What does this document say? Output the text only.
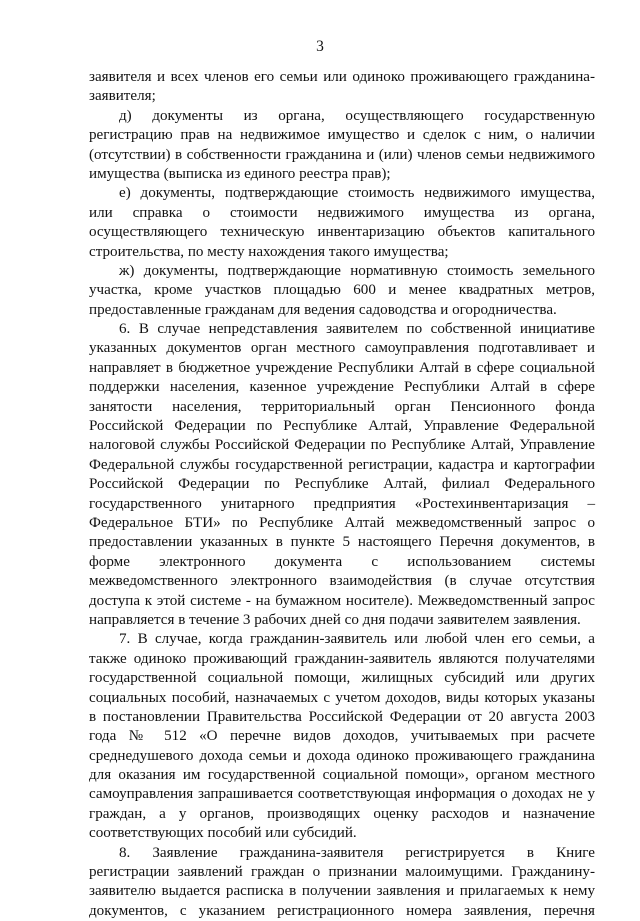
3
заявителя и всех членов его семьи или одиноко проживающего гражданина-
заявителя;
д) документы из органа, осуществляющего государственную
регистрацию прав на недвижимое имущество и сделок с ним, о наличии
(отсутствии) в собственности гражданина и (или) членов семьи недвижимого
имущества (выписка из единого реестра прав);
е) документы, подтверждающие стоимость недвижимого имущества,
или справка о стоимости недвижимого имущества из органа,
осуществляющего техническую инвентаризацию объектов капитального
строительства, по месту нахождения такого имущества;
ж) документы, подтверждающие нормативную стоимость земельного
участка, кроме участков площадью 600 и менее квадратных метров,
предоставленные гражданам для ведения садоводства и огородничества.
6. В случае непредставления заявителем по собственной инициативе
указанных документов орган местного самоуправления подготавливает и
направляет в бюджетное учреждение Республики Алтай в сфере социальной
поддержки населения, казенное учреждение Республики Алтай в сфере
занятости населения, территориальный орган Пенсионного фонда
Российской Федерации по Республике Алтай, Управление Федеральной
налоговой службы Российской Федерации по Республике Алтай, Управление
Федеральной службы государственной регистрации, кадастра и картографии
Российской Федерации по Республике Алтай, филиал Федерального
государственного унитарного предприятия «Ростехинвентаризация –
Федеральное БТИ» по Республике Алтай межведомственный запрос о
предоставлении указанных в пункте 5 настоящего Перечня документов, в
форме электронного документа с использованием системы
межведомственного электронного взаимодействия (в случае отсутствия
доступа к этой системе - на бумажном носителе). Межведомственный запрос
направляется в течение 3 рабочих дней со дня подачи заявителем заявления.
7. В случае, когда гражданин-заявитель или любой член его семьи, а
также одиноко проживающий гражданин-заявитель являются получателями
государственной социальной помощи, жилищных субсидий или других
социальных пособий, назначаемых с учетом доходов, виды которых указаны
в постановлении Правительства Российской Федерации от 20 августа 2003
года № 512 «О перечне видов доходов, учитываемых при расчете
среднедушевого дохода семьи и дохода одиноко проживающего гражданина
для оказания им государственной социальной помощи», органом местного
самоуправления запрашивается соответствующая информация о доходах не у
граждан, а у органов, производящих оценку расходов и назначение
соответствующих пособий или субсидий.
8. Заявление гражданина-заявителя регистрируется в Книге
регистрации заявлений граждан о признании малоимущими. Гражданину-
заявителю выдается расписка в получении заявления и прилагаемых к нему
документов, с указанием регистрационного номера заявления, перечня
